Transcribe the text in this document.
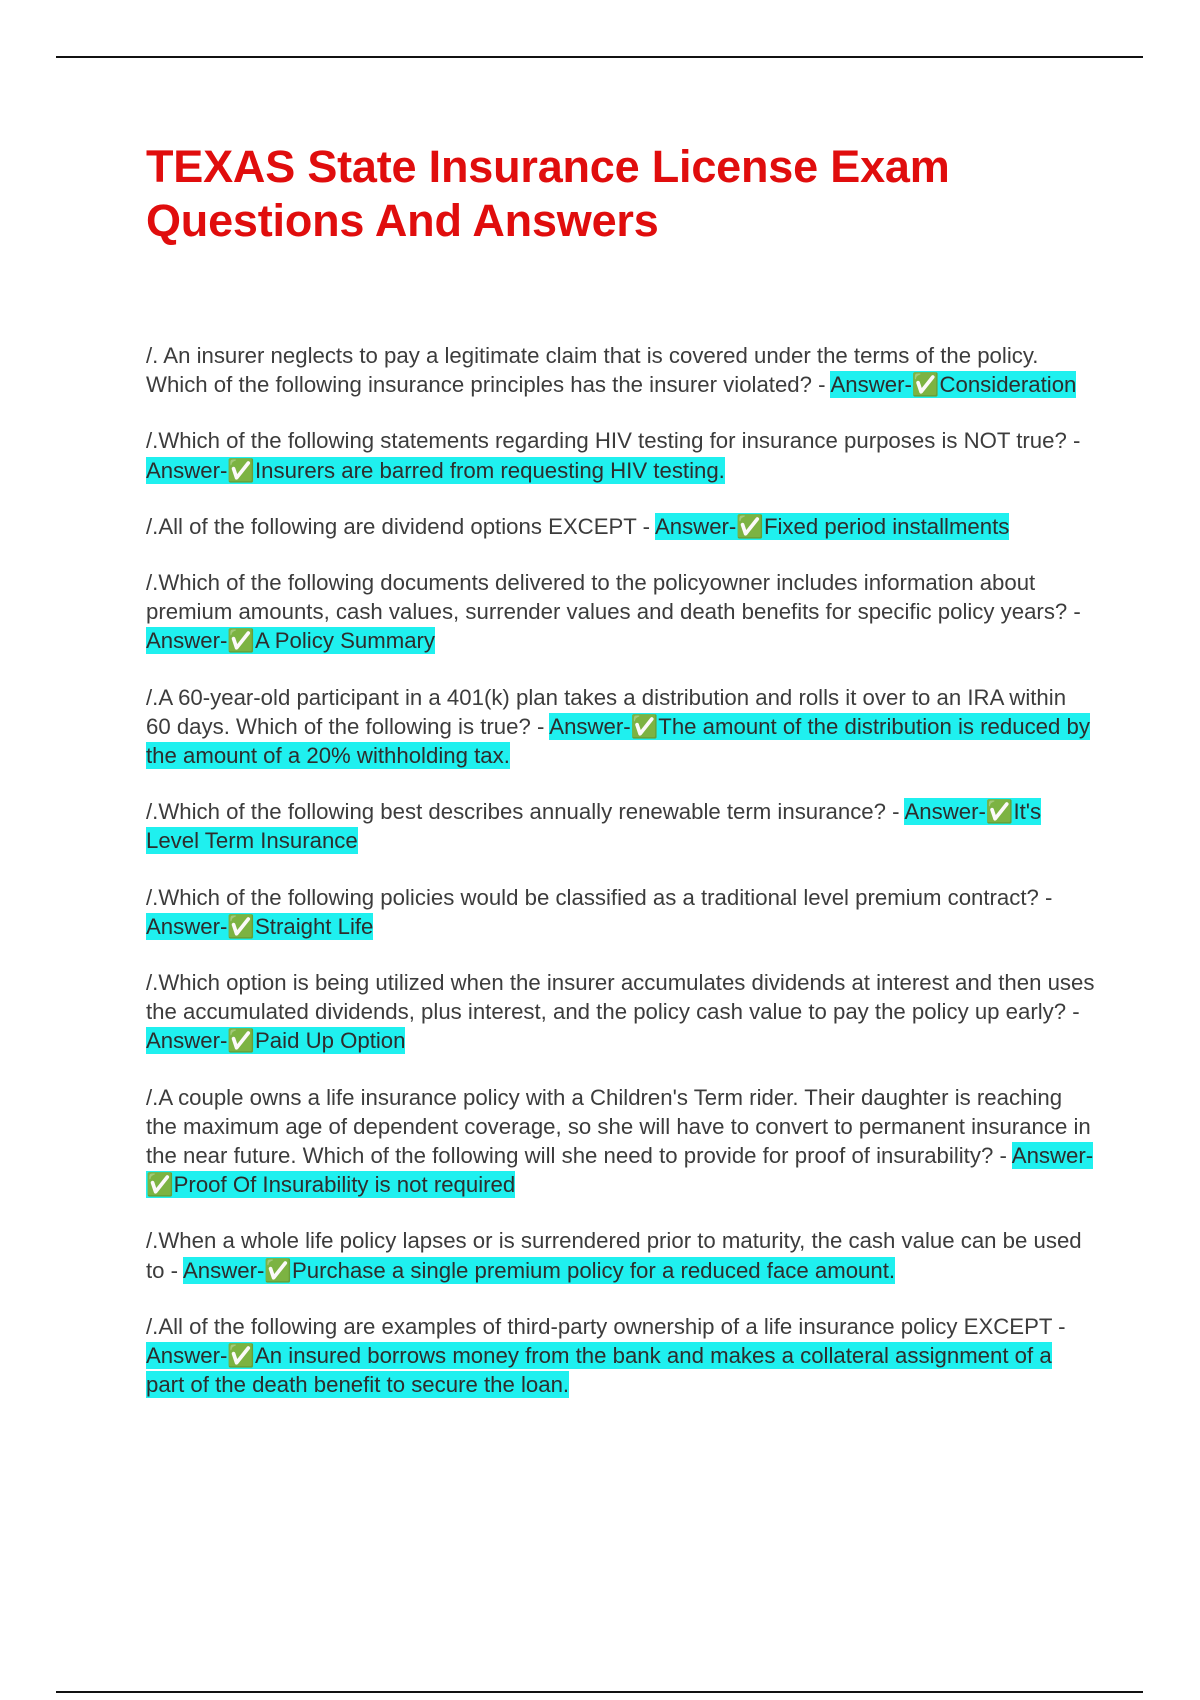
TEXAS State Insurance License Exam Questions And Answers

/. An insurer neglects to pay a legitimate claim that is covered under the terms of the policy. Which of the following insurance principles has the insurer violated? - Answer-✅Consideration

/.Which of the following statements regarding HIV testing for insurance purposes is NOT true? - Answer-✅Insurers are barred from requesting HIV testing.

/.All of the following are dividend options EXCEPT - Answer-✅Fixed period installments

/.Which of the following documents delivered to the policyowner includes information about premium amounts, cash values, surrender values and death benefits for specific policy years? - Answer-✅A Policy Summary

/.A 60-year-old participant in a 401(k) plan takes a distribution and rolls it over to an IRA within 60 days. Which of the following is true? - Answer-✅The amount of the distribution is reduced by the amount of a 20% withholding tax.

/.Which of the following best describes annually renewable term insurance? - Answer-✅It's Level Term Insurance

/.Which of the following policies would be classified as a traditional level premium contract? - Answer-✅Straight Life

/.Which option is being utilized when the insurer accumulates dividends at interest and then uses the accumulated dividends, plus interest, and the policy cash value to pay the policy up early? - Answer-✅Paid Up Option

/.A couple owns a life insurance policy with a Children's Term rider. Their daughter is reaching the maximum age of dependent coverage, so she will have to convert to permanent insurance in the near future. Which of the following will she need to provide for proof of insurability? - Answer-✅Proof Of Insurability is not required

/.When a whole life policy lapses or is surrendered prior to maturity, the cash value can be used to - Answer-✅Purchase a single premium policy for a reduced face amount.

/.All of the following are examples of third-party ownership of a life insurance policy EXCEPT - Answer-✅An insured borrows money from the bank and makes a collateral assignment of a part of the death benefit to secure the loan.
